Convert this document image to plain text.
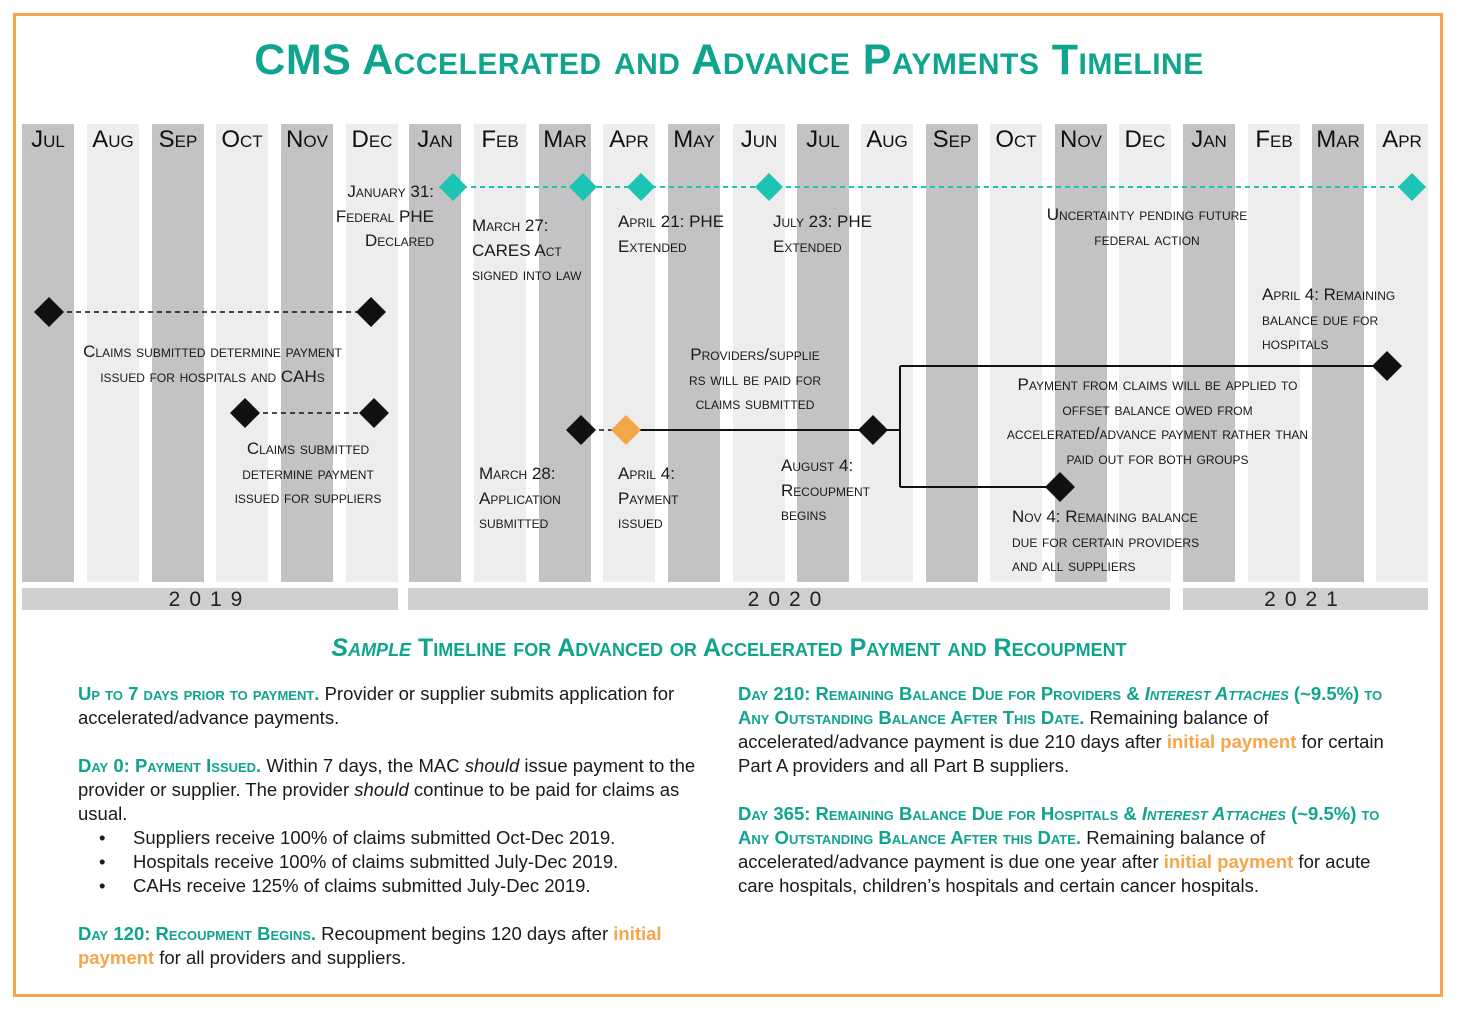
CMS Accelerated and Advance Payments Timeline
Jul	Aug	Sep Oct Nov Dec	Jan	Feb	Mar Apr	May	Jun	Jul	Aug	Sep Oct Nov Dec	Jan	Feb Mar Apr
2019	2020	2021
January 31:
Federal PHE
Declared
March 27:
CARES Act
signed into law
April 21: PHE
Extended
July 23: PHE
Extended
Uncertainty pending future
federal action
Claims submitted determine payment
issued for hospitals and CAHs
Claims submitted
determine payment
issued for suppliers
Providers/supplie
rs will be paid for
claims submitted
March 28:
Application
submitted
April 4:
Payment
issued
August 4:
Recoupment
begins
Payment from claims will be applied to
offset balance owed from
accelerated/advance payment rather than
paid out for both groups
April 4: Remaining
balance due for
hospitals
Nov 4: Remaining balance
due for certain providers
and all suppliers
Sample Timeline for Advanced or Accelerated Payment and Recoupment

Up to 7 days prior to payment. Provider or supplier submits application for accelerated/advance payments.

Day 0: Payment Issued. Within 7 days, the MAC should issue payment to the provider or supplier. The provider should continue to be paid for claims as usual.
• Suppliers receive 100% of claims submitted Oct-Dec 2019.
• Hospitals receive 100% of claims submitted July-Dec 2019.
• CAHs receive 125% of claims submitted July-Dec 2019.

Day 120: Recoupment Begins. Recoupment begins 120 days after initial payment for all providers and suppliers.

Day 210: Remaining Balance Due for Providers & Interest Attaches (~9.5%) to Any Outstanding Balance After This Date. Remaining balance of accelerated/advance payment is due 210 days after initial payment for certain Part A providers and all Part B suppliers.

Day 365: Remaining Balance Due for Hospitals & Interest Attaches (~9.5%) to Any Outstanding Balance After this Date. Remaining balance of accelerated/advance payment is due one year after initial payment for acute care hospitals, children’s hospitals and certain cancer hospitals.
